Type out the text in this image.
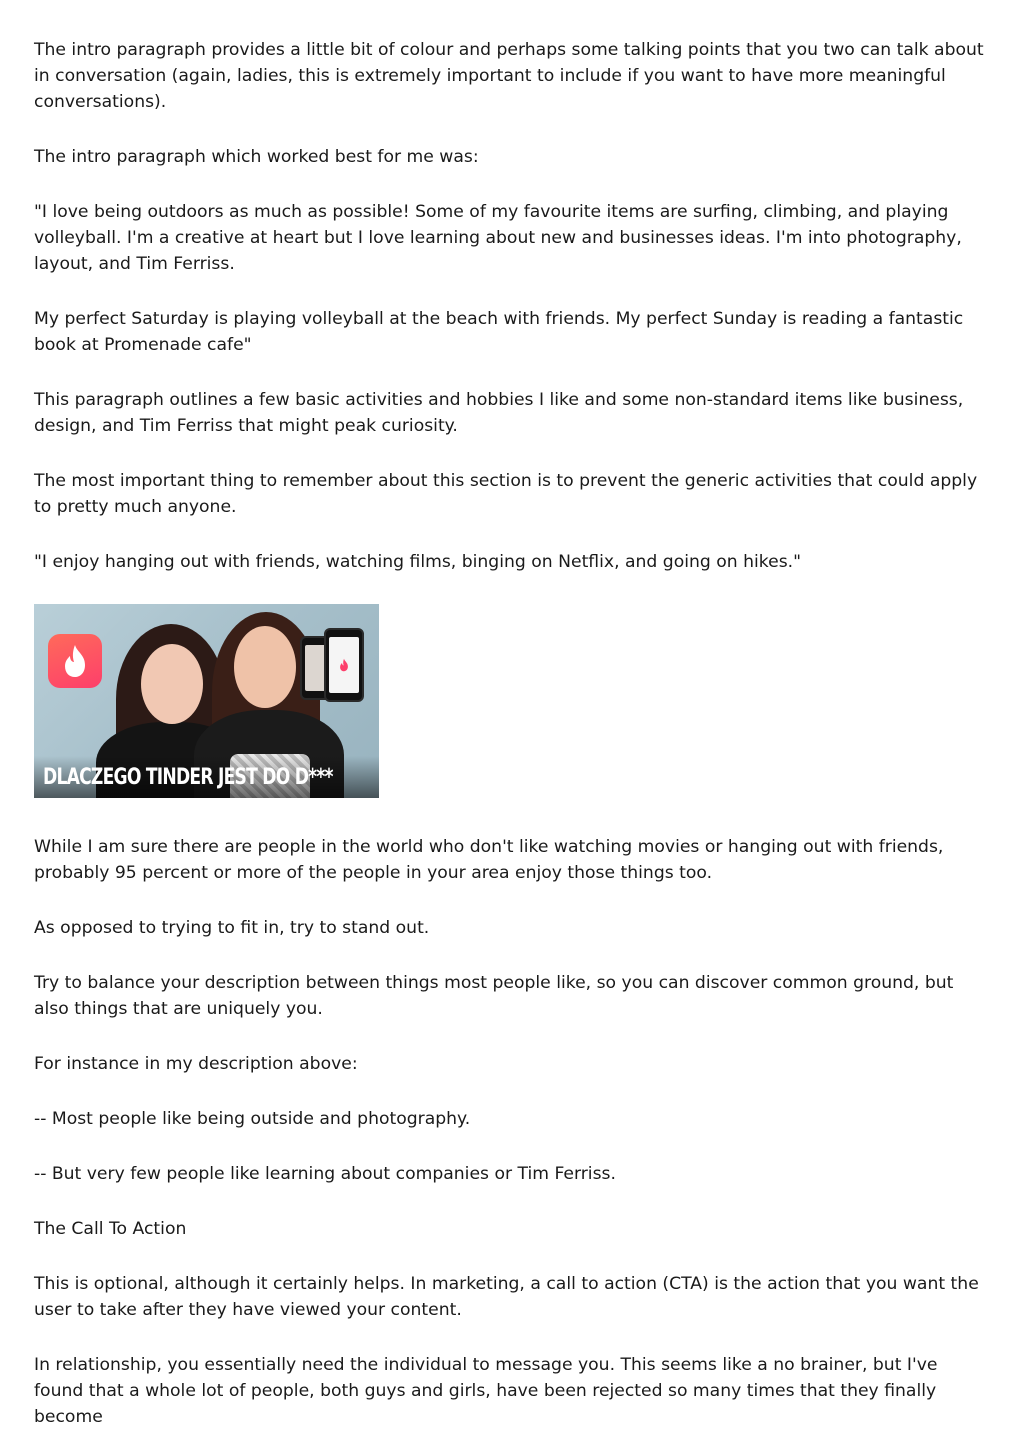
The intro paragraph provides a little bit of colour and perhaps some talking points that you two can talk about in conversation (again, ladies, this is extremely important to include if you want to have more meaningful conversations).

The intro paragraph which worked best for me was:

"I love being outdoors as much as possible! Some of my favourite items are surfing, climbing, and playing volleyball. I'm a creative at heart but I love learning about new and businesses ideas. I'm into photography, layout, and Tim Ferriss.

My perfect Saturday is playing volleyball at the beach with friends. My perfect Sunday is reading a fantastic book at Promenade cafe"

This paragraph outlines a few basic activities and hobbies I like and some non-standard items like business, design, and Tim Ferriss that might peak curiosity.

The most important thing to remember about this section is to prevent the generic activities that could apply to pretty much anyone.

"I enjoy hanging out with friends, watching films, binging on Netflix, and going on hikes."

DLACZEGO TINDER JEST DO D***

While I am sure there are people in the world who don't like watching movies or hanging out with friends, probably 95 percent or more of the people in your area enjoy those things too.

As opposed to trying to fit in, try to stand out.

Try to balance your description between things most people like, so you can discover common ground, but also things that are uniquely you.

For instance in my description above:

-- Most people like being outside and photography.

-- But very few people like learning about companies or Tim Ferriss.

The Call To Action

This is optional, although it certainly helps. In marketing, a call to action (CTA) is the action that you want the user to take after they have viewed your content.

In relationship, you essentially need the individual to message you. This seems like a no brainer, but I've found that a whole lot of people, both guys and girls, have been rejected so many times that they finally become
